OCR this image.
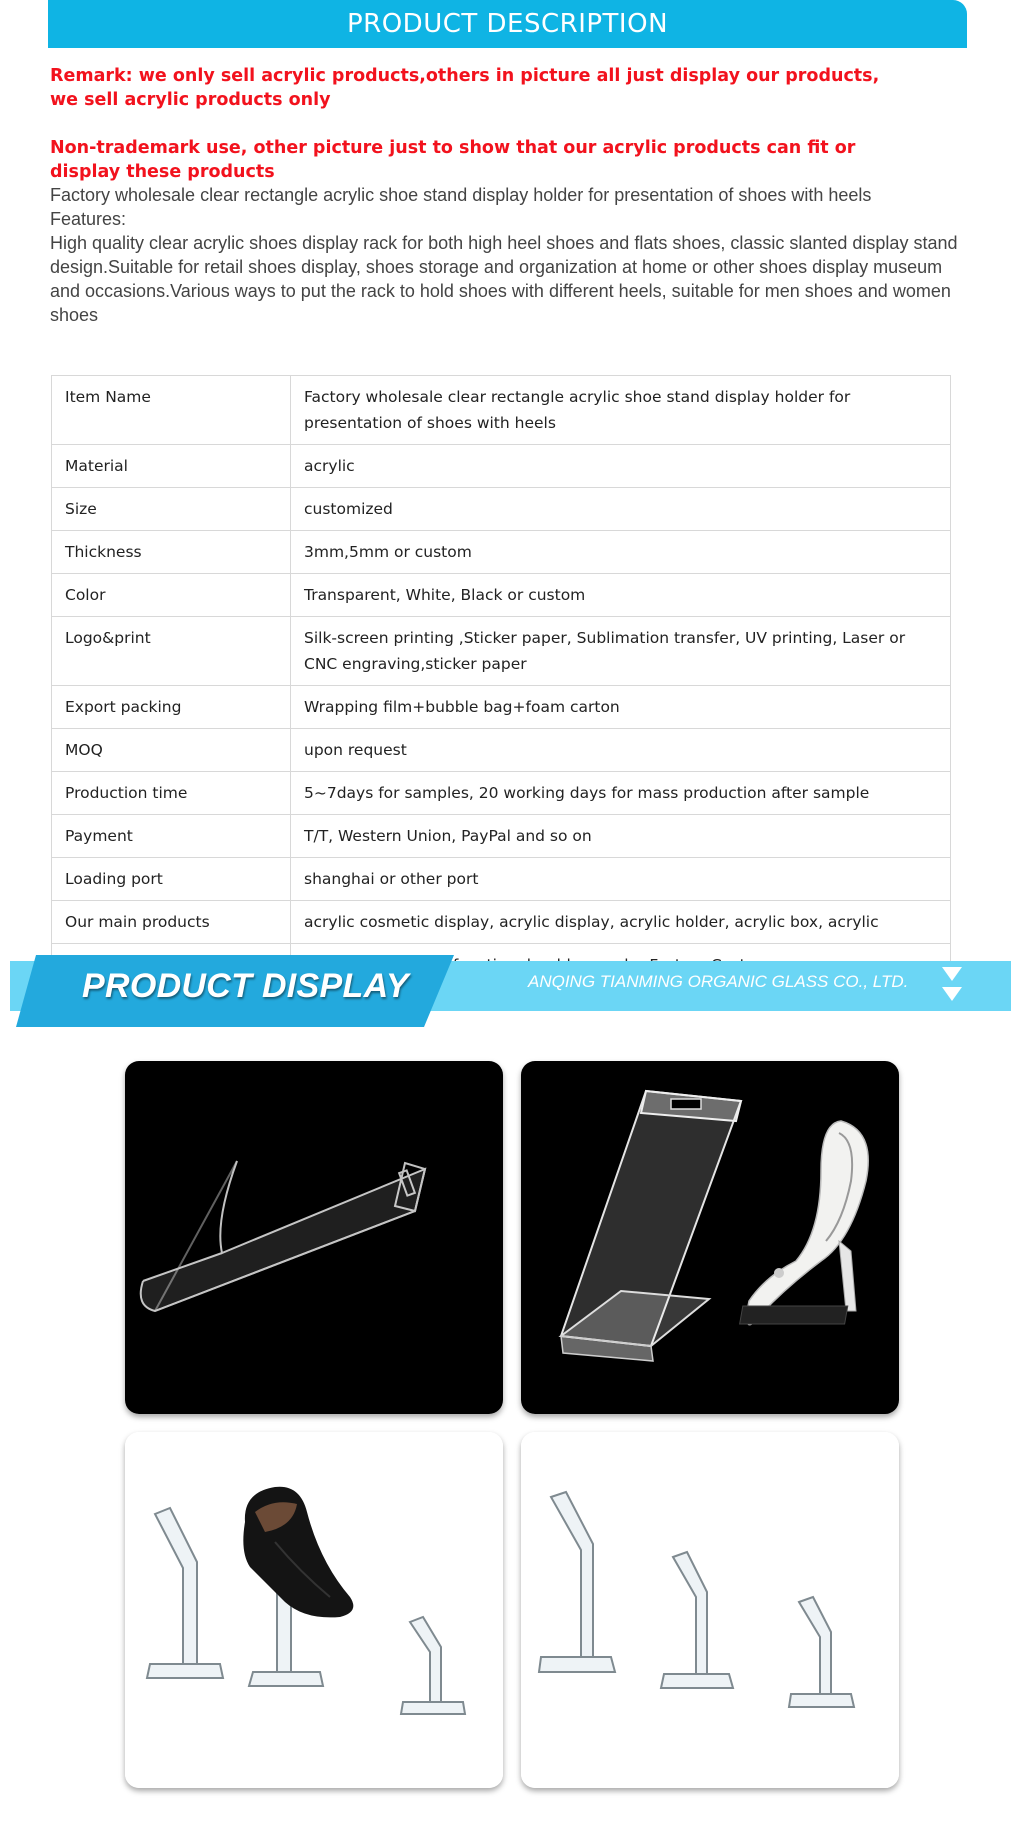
PRODUCT DESCRIPTION
Remark: we only sell acrylic products,others in picture all just display our products, we sell acrylic products only
Non-trademark use, other picture just to show that our acrylic products can fit or display these products

Factory wholesale clear rectangle acrylic shoe stand display holder for presentation of shoes with heels

Features:

High quality clear acrylic shoes display rack for both high heel shoes and flats shoes, classic slanted display stand design.Suitable for retail shoes display, shoes storage and organization at home or other shoes display museum and occasions.Various ways to put the rack to hold shoes with different heels, suitable for men shoes and women shoes

Item Name	Factory wholesale clear rectangle acrylic shoe stand display holder for presentation of shoes with heels
Material	acrylic
Size	customized
Thickness	3mm,5mm or custom
Color	Transparent, White, Black or custom
Logo&print	Silk-screen printing ,Sticker paper, Sublimation transfer, UV printing, Laser or CNC engraving,sticker paper
Export packing	Wrapping film+bubble bag+foam carton
MOQ	upon request
Production time	5~7days for samples, 20 working days for mass production after sample
Payment	T/T, Western Union, PayPal and so on
Loading port	shanghai or other port
Our main products	acrylic cosmetic display, acrylic display, acrylic holder, acrylic box, acrylic

PRODUCT DISPLAY	ANQING TIANMING ORGANIC GLASS CO., LTD.
